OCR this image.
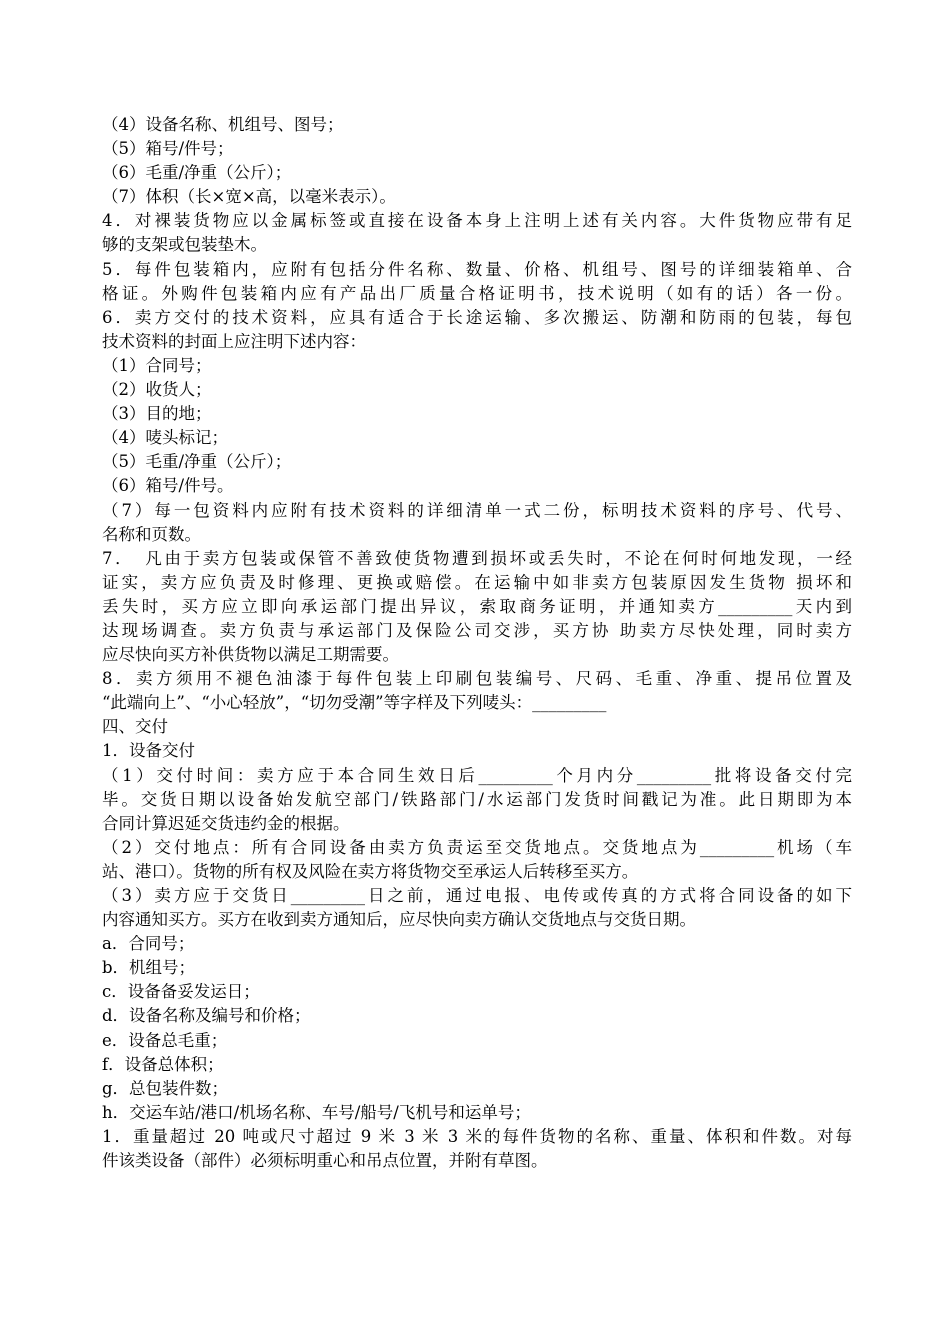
（4）设备名称、机组号、图号；
（5）箱号/件号；
（6）毛重/净重（公斤）；
（7）体积（长×宽×高，以毫米表示）。
4．对裸装货物应以金属标签或直接在设备本身上注明上述有关内容。大件货物应带有足
够的支架或包装垫木。
5．每件包装箱内，应附有包括分件名称、数量、价格、机组号、图号的详细装箱单、合
格证。外购件包装箱内应有产品出厂质量合格证明书，技术说明（如有的话）各一份。
6．卖方交付的技术资料，应具有适合于长途运输、多次搬运、防潮和防雨的包装，每包
技术资料的封面上应注明下述内容：
（1）合同号；
（2）收货人；
（3）目的地；
（4）唛头标记；
（5）毛重/净重（公斤）；
（6）箱号/件号。
（7）每一包资料内应附有技术资料的详细清单一式二份，标明技术资料的序号、代号、
名称和页数。
7．　凡由于卖方包装或保管不善致使货物遭到损坏或丢失时，不论在何时何地发现，一经
证实，卖方应负责及时修理、更换或赔偿。在运输中如非卖方包装原因发生货物 损坏和
丢失时，买方应立即向承运部门提出异议，索取商务证明，并通知卖方_________天内到
达现场调查。卖方负责与承运部门及保险公司交涉，买方协 助卖方尽快处理，同时卖方
应尽快向买方补供货物以满足工期需要。
8．卖方须用不褪色油漆于每件包装上印刷包装编号、尺码、毛重、净重、提吊位置及
“此端向上”、“小心轻放”，“切勿受潮”等字样及下列唛头：_________
四、交付
1．设备交付
（1）交付时间：卖方应于本合同生效日后_________个月内分_________批将设备交付完
毕。交货日期以设备始发航空部门/铁路部门/水运部门发货时间戳记为准。此日期即为本
合同计算迟延交货违约金的根据。
（2）交付地点：所有合同设备由卖方负责运至交货地点。交货地点为_________机场（车
站、港口）。货物的所有权及风险在卖方将货物交至承运人后转移至买方。
（3）卖方应于交货日_________日之前，通过电报、电传或传真的方式将合同设备的如下
内容通知买方。买方在收到卖方通知后，应尽快向卖方确认交货地点与交货日期。
a．合同号；
b．机组号；
c．设备备妥发运日；
d．设备名称及编号和价格；
e．设备总毛重；
f．设备总体积；
g．总包装件数；
h．交运车站/港口/机场名称、车号/船号/飞机号和运单号；
1．重量超过 20 吨或尺寸超过 9 米 3 米 3 米的每件货物的名称、重量、体积和件数。对每
件该类设备（部件）必须标明重心和吊点位置，并附有草图。
